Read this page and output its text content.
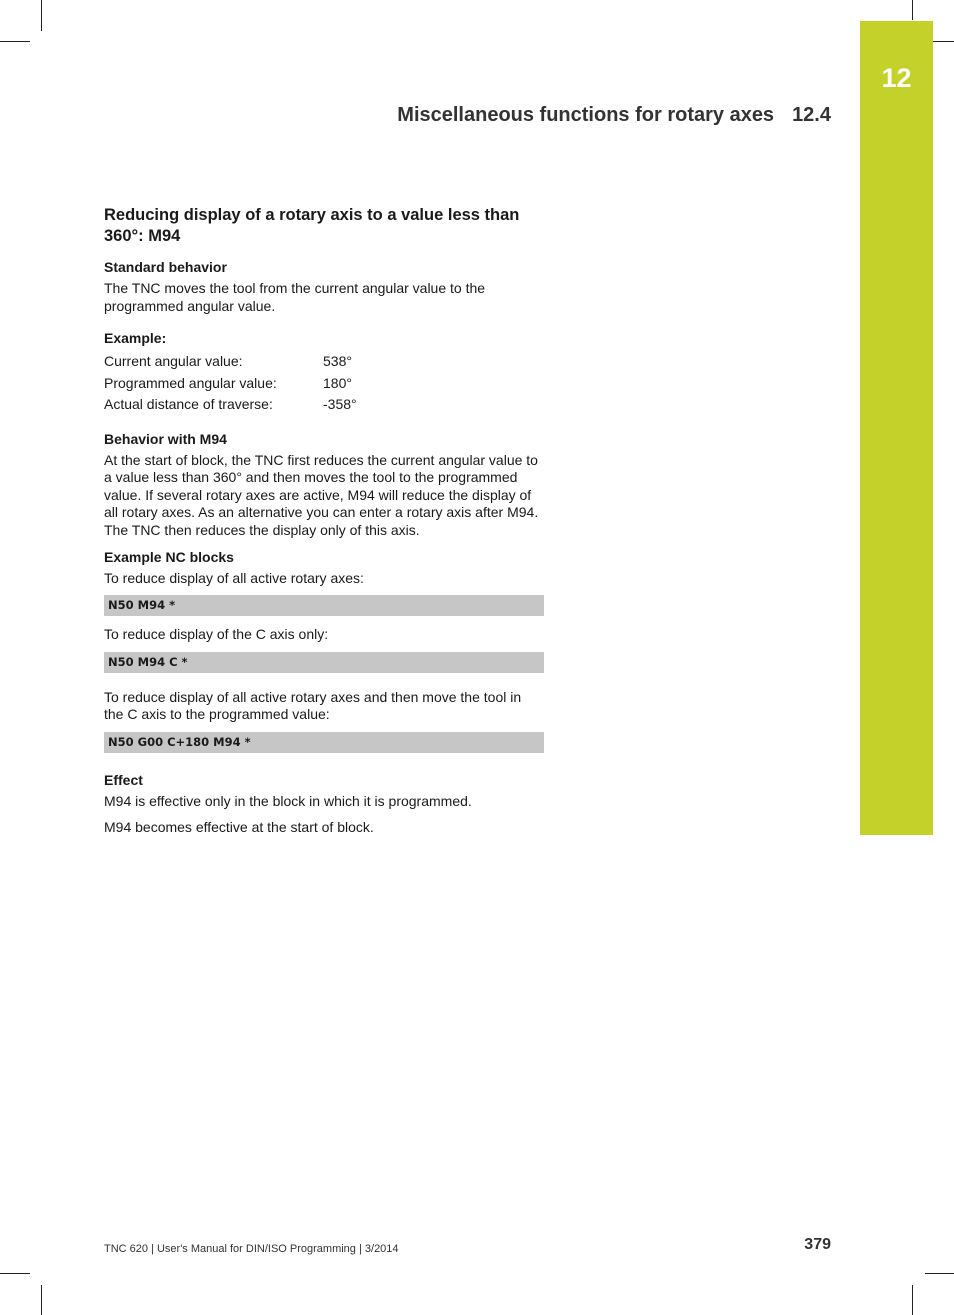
12
Miscellaneous functions for rotary axes 12.4
Reducing display of a rotary axis to a value less than 360°: M94
Standard behavior

The TNC moves the tool from the current angular value to the programmed angular value.

Example:
Current angular value:	538°
Programmed angular value:	180°
Actual distance of traverse:	-358°
Behavior with M94

At the start of block, the TNC first reduces the current angular value to a value less than 360° and then moves the tool to the programmed value. If several rotary axes are active, M94 will reduce the display of all rotary axes. As an alternative you can enter a rotary axis after M94. The TNC then reduces the display only of this axis.

Example NC blocks

To reduce display of all active rotary axes:

N50 M94 *

To reduce display of the C axis only:

N50 M94 C *

To reduce display of all active rotary axes and then move the tool in the C axis to the programmed value:

N50 G00 C+180 M94 *
Effect

M94 is effective only in the block in which it is programmed.

M94 becomes effective at the start of block.

TNC 620 | User's Manual for DIN/ISO Programming | 3/2014	379
